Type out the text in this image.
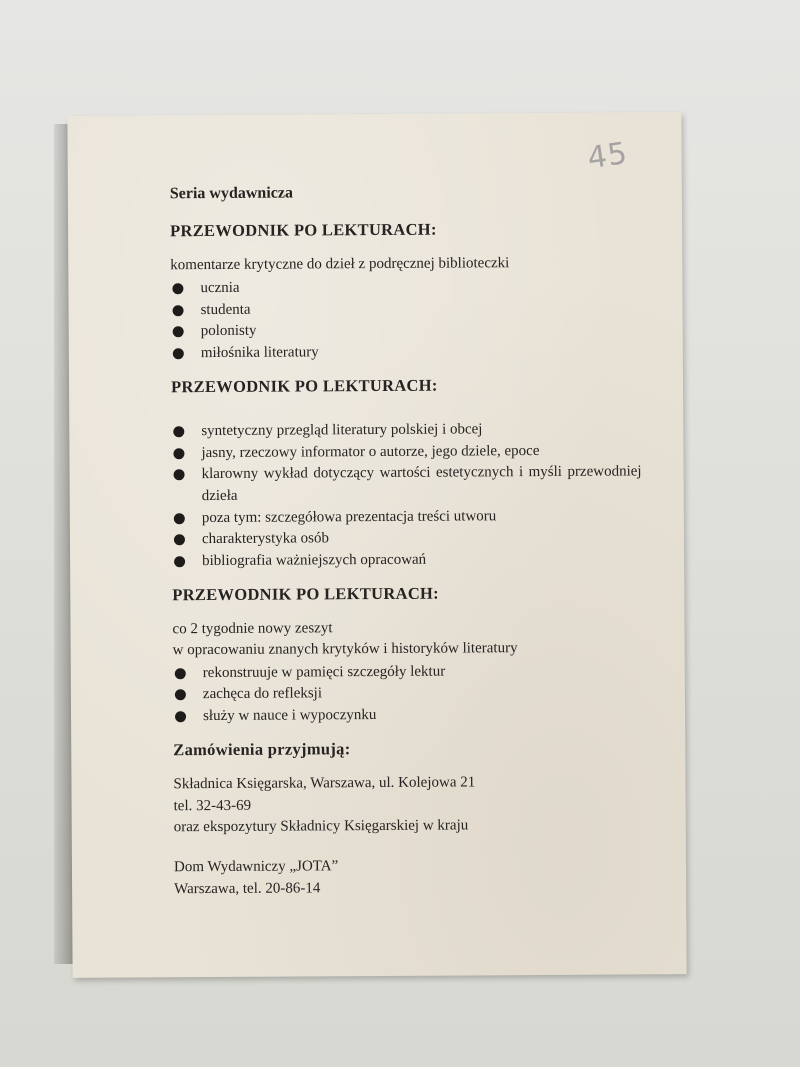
45

Seria wydawnicza

PRZEWODNIK PO LEKTURACH:

komentarze krytyczne do dzieł z podręcznej biblioteczki

ucznia
studenta
polonisty
miłośnika literatury

PRZEWODNIK PO LEKTURACH:

syntetyczny przegląd literatury polskiej i obcej
jasny, rzeczowy informator o autorze, jego dziele, epoce
klarowny wykład dotyczący wartości estetycznych i myśli przewodniej dzieła
poza tym: szczegółowa prezentacja treści utworu
charakterystyka osób
bibliografia ważniejszych opracowań

PRZEWODNIK PO LEKTURACH:

co 2 tygodnie nowy zeszyt

w opracowaniu znanych krytyków i historyków literatury

rekonstruuje w pamięci szczegóły lektur
zachęca do refleksji
służy w nauce i wypoczynku

Zamówienia przyjmują:

Składnica Księgarska, Warszawa, ul. Kolejowa 21

tel. 32-43-69

oraz ekspozytury Składnicy Księgarskiej w kraju

Dom Wydawniczy „JOTA”

Warszawa, tel. 20-86-14
